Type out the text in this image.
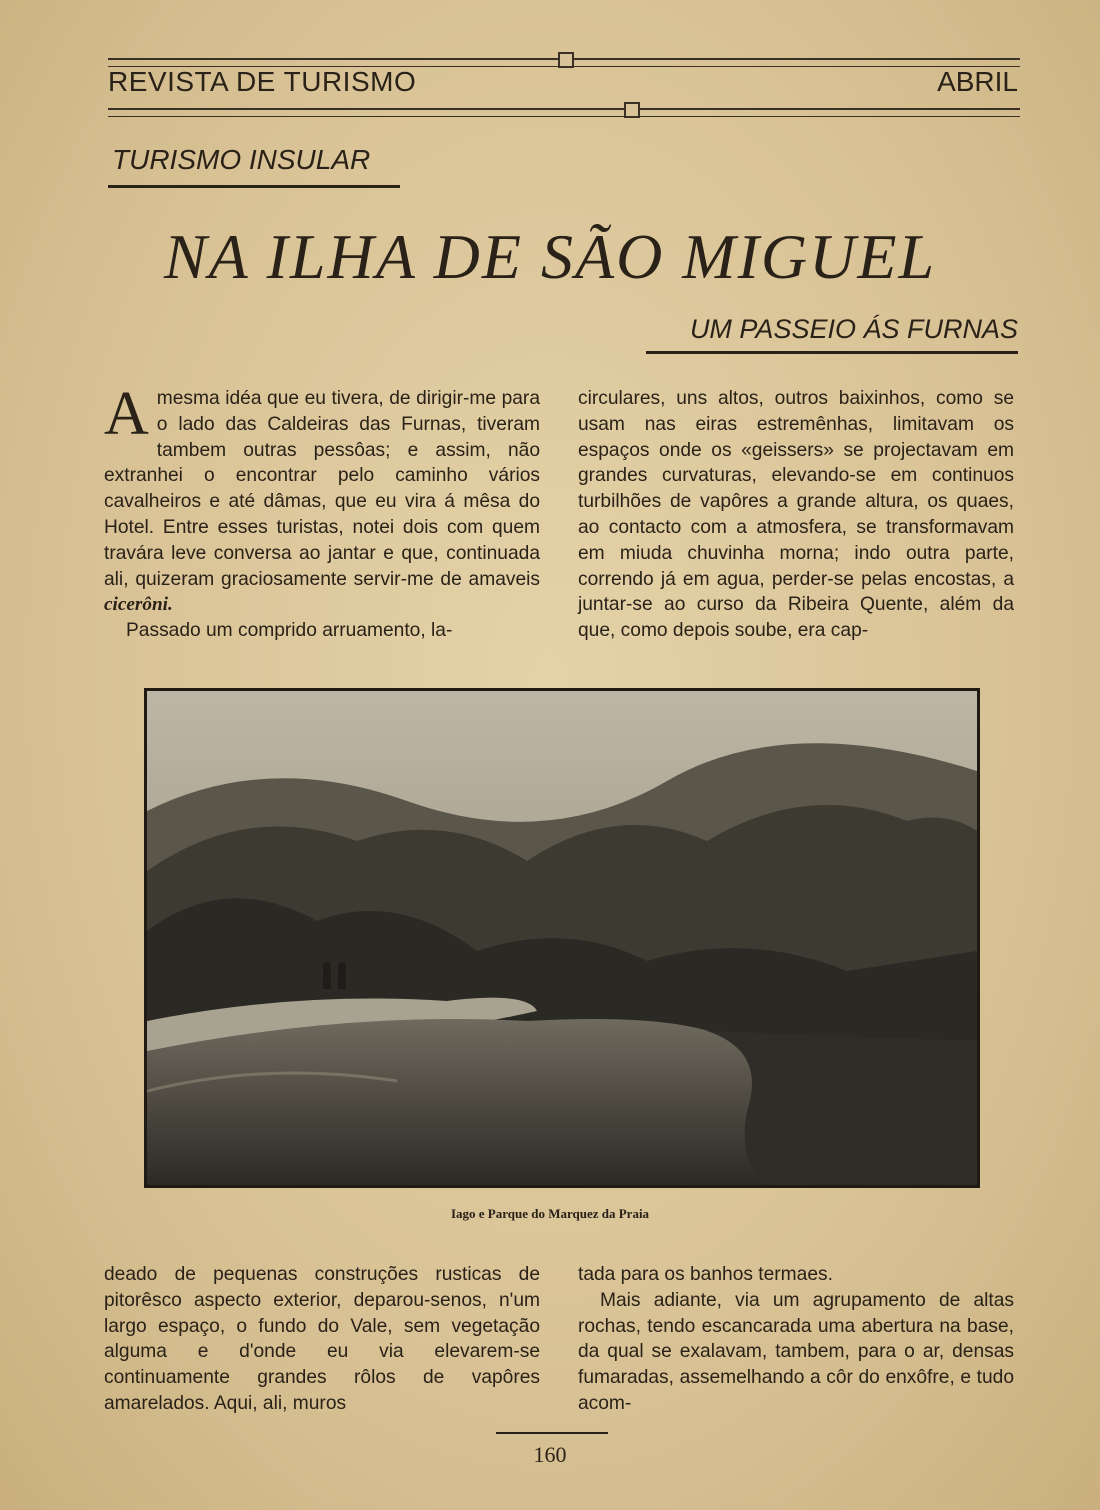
REVISTA DE TURISMO	ABRIL
TURISMO INSULAR
NA ILHA DE SÃO MIGUEL
UM PASSEIO ÁS FURNAS

Amesma idéa que eu tivera, de dirigir-me para o lado das Caldeiras das Furnas, tiveram tambem outras pessôas; e assim, não extranhei o encontrar pelo caminho vários cavalheiros e até dâmas, que eu vira á mêsa do Hotel. Entre esses turistas, notei dois com quem travára leve conversa ao jantar e que, continuada ali, quizeram graciosamente servir-me de amaveis cicerôni.

Passado um comprido arruamento, la-

circulares, uns altos, outros baixinhos, como se usam nas eiras estremênhas, limitavam os espaços onde os «geissers» se projectavam em grandes curvaturas, elevando-se em continuos turbilhões de vapôres a grande altura, os quaes, ao contacto com a atmosfera, se transformavam em miuda chuvinha morna; indo outra parte, correndo já em agua, perder-se pelas encostas, a juntar-se ao curso da Ribeira Quente, além da que, como depois soube, era cap-

Iago e Parque do Marquez da Praia

deado de pequenas construções rusticas de pitorêsco aspecto exterior, deparou-senos, n'um largo espaço, o fundo do Vale, sem vegetação alguma e d'onde eu via elevarem-se continuamente grandes rôlos de vapôres amarelados. Aqui, ali, muros

tada para os banhos termaes.

Mais adiante, via um agrupamento de altas rochas, tendo escancarada uma abertura na base, da qual se exalavam, tambem, para o ar, densas fumaradas, assemelhando a côr do enxôfre, e tudo acom-

160
